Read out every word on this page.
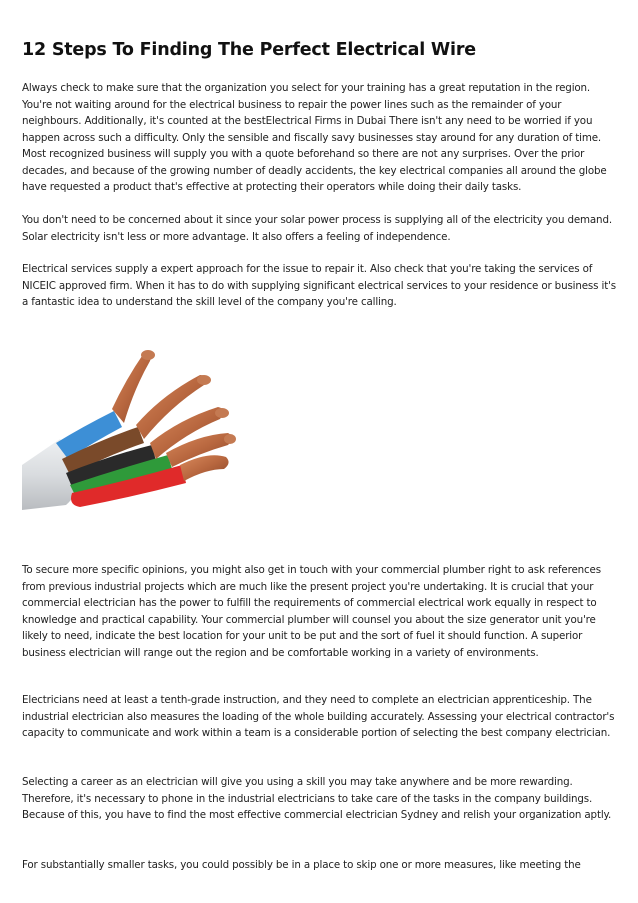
12 Steps To Finding The Perfect Electrical Wire

Always check to make sure that the organization you select for your training has a great reputation in the region. You're not waiting around for the electrical business to repair the power lines such as the remainder of your neighbours. Additionally, it's counted at the bestElectrical Firms in Dubai There isn't any need to be worried if you happen across such a difficulty. Only the sensible and fiscally savy businesses stay around for any duration of time. Most recognized business will supply you with a quote beforehand so there are not any surprises. Over the prior decades, and because of the growing number of deadly accidents, the key electrical companies all around the globe have requested a product that's effective at protecting their operators while doing their daily tasks.

You don't need to be concerned about it since your solar power process is supplying all of the electricity you demand. Solar electricity isn't less or more advantage. It also offers a feeling of independence.

Electrical services supply a expert approach for the issue to repair it. Also check that you're taking the services of NICEIC approved firm. When it has to do with supplying significant electrical services to your residence or business it's a fantastic idea to understand the skill level of the company you're calling.

To secure more specific opinions, you might also get in touch with your commercial plumber right to ask references from previous industrial projects which are much like the present project you're undertaking. It is crucial that your commercial electrician has the power to fulfill the requirements of commercial electrical work equally in respect to knowledge and practical capability. Your commercial plumber will counsel you about the size generator unit you're likely to need, indicate the best location for your unit to be put and the sort of fuel it should function. A superior business electrician will range out the region and be comfortable working in a variety of environments.

Electricians need at least a tenth-grade instruction, and they need to complete an electrician apprenticeship. The industrial electrician also measures the loading of the whole building accurately. Assessing your electrical contractor's capacity to communicate and work within a team is a considerable portion of selecting the best company electrician.

Selecting a career as an electrician will give you using a skill you may take anywhere and be more rewarding. Therefore, it's necessary to phone in the industrial electricians to take care of the tasks in the company buildings. Because of this, you have to find the most effective commercial electrician Sydney and relish your organization aptly.

For substantially smaller tasks, you could possibly be in a place to skip one or more measures, like meeting the
